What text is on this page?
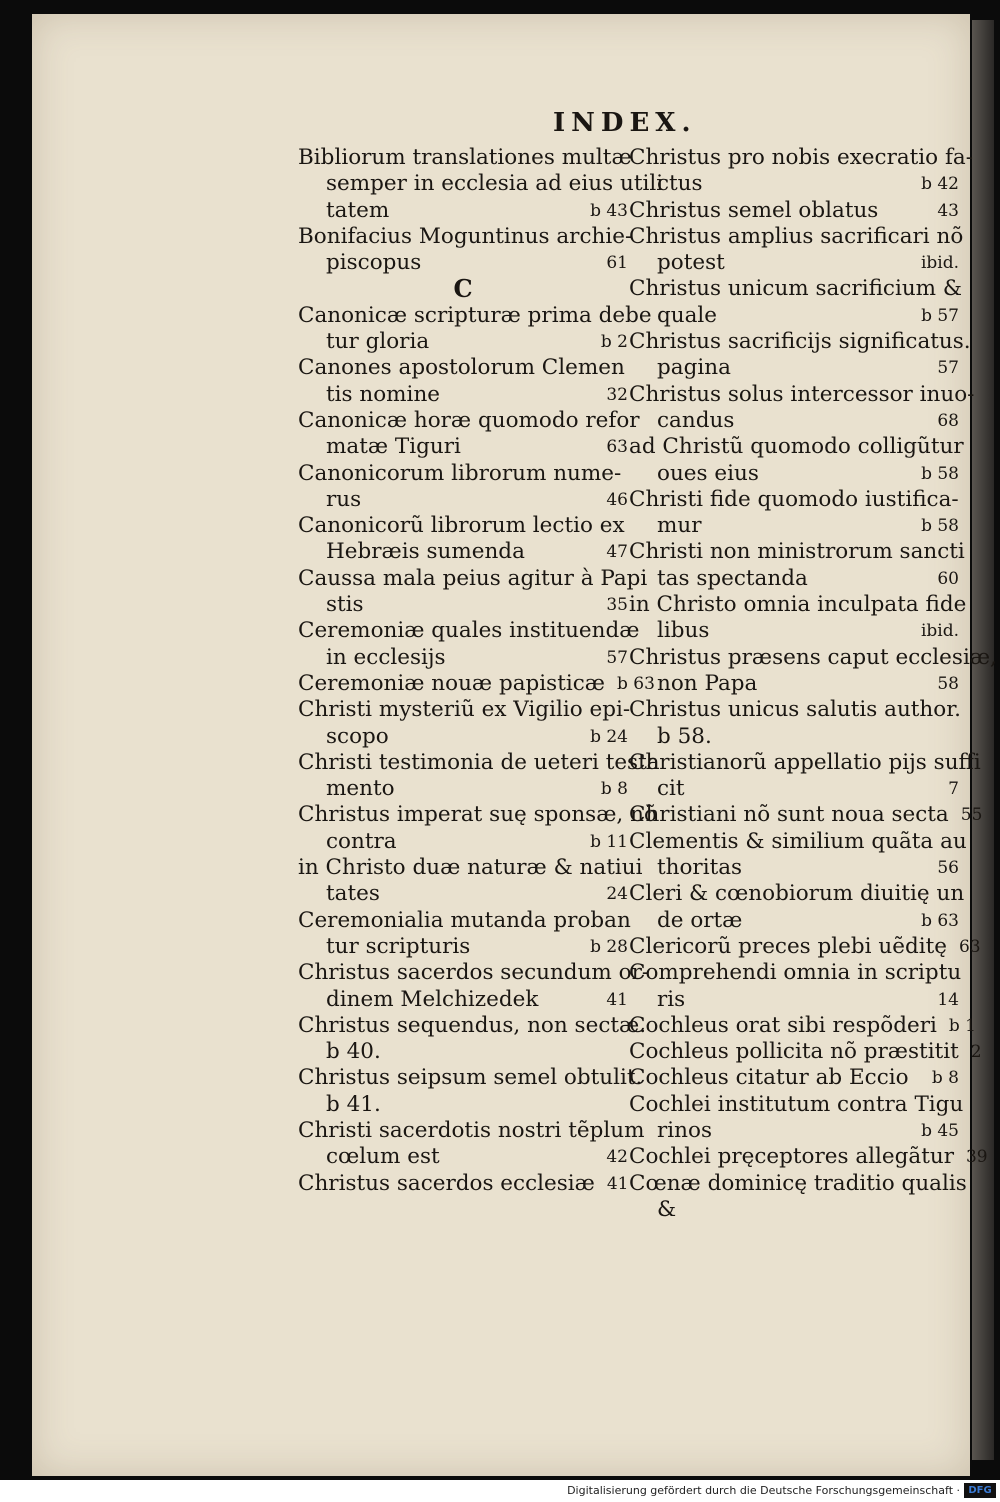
INDEX.
Bibliorum translationes multæ
semper in ecclesia ad eius utili
tatem	b 43
Bonifacius Moguntinus archie-
piscopus	61
C
Canonicæ scripturæ prima debe
tur gloria	b 2
Canones apostolorum Clemen
tis nomine	32
Canonicæ horæ quomodo refor
matæ Tiguri	63
Canonicorum librorum nume-
rus	46
Canonicorũ librorum lectio ex
Hebræis sumenda	47
Caussa mala peius agitur à Papi
stis	35
Ceremoniæ quales instituendæ
in ecclesijs	57
Ceremoniæ nouæ papisticæ b 63
Christi mysteriũ ex Vigilio epi-
scopo	b 24
Christi testimonia de ueteri testa
mento	b 8
Christus imperat suę sponsæ, nõ
contra	b 11
in Christo duæ naturæ & natiui
tates	24
Ceremonialia mutanda proban
tur scripturis	b 28
Christus sacerdos secundum or-
dinem Melchizedek	41
Christus sequendus, non sectæ.
b 40.
Christus seipsum semel obtulit.
b 41.
Christi sacerdotis nostri tẽplum
cœlum est	42
Christus sacerdos ecclesiæ 41
Christus pro nobis execratio fa-
ctus	b 42
Christus semel oblatus	43
Christus amplius sacrificari nõ
potest	ibid.
Christus unicum sacrificium &
quale	b 57
Christus sacrificijs significatus.
pagina	57
Christus solus intercessor inuo-
candus	68
ad Christũ quomodo colligũtur
oues eius	b 58
Christi fide quomodo iustifica-
mur	b 58
Christi non ministrorum sancti
tas spectanda	60
in Christo omnia inculpata fide
libus	ibid.
Christus præsens caput ecclesiæ,
non Papa	58
Christus unicus salutis author.
b 58.
Christianorũ appellatio pijs suffi
cit	7
Christiani nõ sunt noua secta 55
Clementis & similium quãta au
thoritas	56
Cleri & cœnobiorum diuitię un
de ortæ	b 63
Clericorũ preces plebi uẽditę 63
Comprehendi omnia in scriptu
ris	14
Cochleus orat sibi respõderi b 1
Cochleus pollicita nõ præstitit 2
Cochleus citatur ab Eccio b 8
Cochlei institutum contra Tigu
rinos	b 45
Cochlei pręceptores allegãtur 39
Cœnæ dominicę traditio qualis
&
Digitalisierung gefördert durch die Deutsche Forschungsgemeinschaft · DFG
